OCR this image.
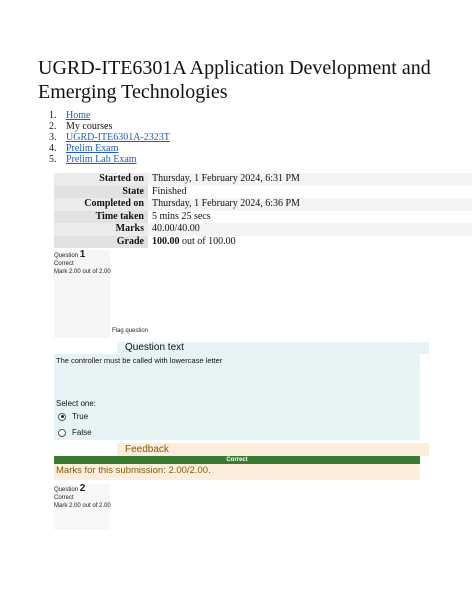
UGRD-ITE6301A Application Development and Emerging Technologies
1. Home
2. My courses
3. UGRD-ITE6301A-2323T
4. Prelim Exam
5. Prelim Lab Exam
Started on Thursday, 1 February 2024, 6:31 PM
State Finished
Completed on Thursday, 1 February 2024, 6:36 PM
Time taken 5 mins 25 secs
Marks 40.00/40.00
Grade 100.00 out of 100.00
Question 1
Correct
Mark 2.00 out of 2.00
Flag question
Question text
The controller must be called with lowercase letter
Select one:
True
False
Feedback
Correct
Marks for this submission: 2.00/2.00.
Question 2
Correct
Mark 2.00 out of 2.00
